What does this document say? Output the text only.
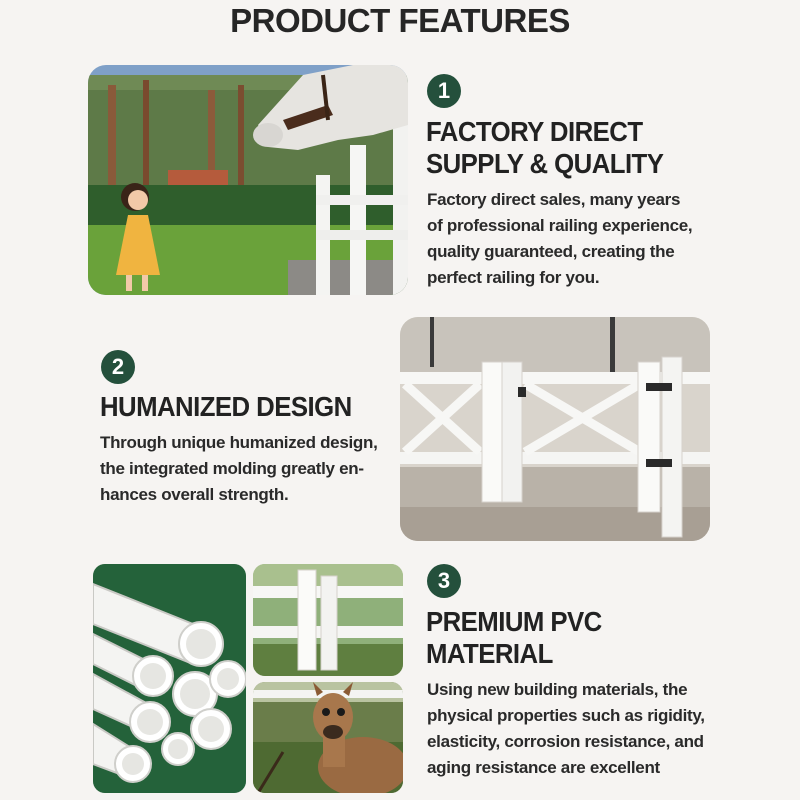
PRODUCT FEATURES
1
FACTORY DIRECT
SUPPLY & QUALITY
Factory direct sales, many years
of professional railing experience,
quality guaranteed, creating the
perfect railing for you.
2
HUMANIZED DESIGN
Through unique humanized design,
the integrated molding greatly en-
hances overall strength.
3
PREMIUM PVC
MATERIAL
Using new building materials, the
physical properties such as rigidity,
elasticity, corrosion resistance, and
aging resistance are excellent
